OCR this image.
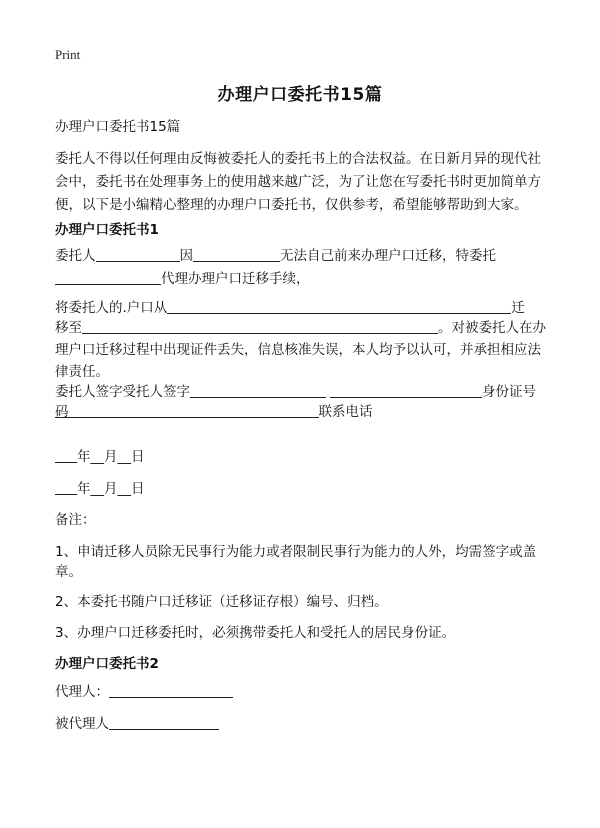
Print
办理户口委托书15篇
办理户口委托书15篇
委托人不得以任何理由反悔被委托人的委托书上的合法权益。在日新月异的现代社
会中，委托书在处理事务上的使用越来越广泛，为了让您在写委托书时更加简单方
便，以下是小编精心整理的办理户口委托书，仅供参考，希望能够帮助到大家。
办理户口委托书1
委托人	因	无法自己前来办理户口迁移，特委托
代理办理户口迁移手续，
将委托人的.户口从	迁
移至	。对被委托人在办
理户口迁移过程中出现证件丢失，信息核准失误，本人均予以认可，并承担相应法
律责任。
委托人签字受托人签字	身份证号
码	联系电话
年__月__日
年__月__日
备注：
1、申请迁移人员除无民事行为能力或者限制民事行为能力的人外，均需签字或盖
章。
2、本委托书随户口迁移证（迁移证存根）编号、归档。
3、办理户口迁移委托时，必须携带委托人和受托人的居民身份证。
办理户口委托书2
代理人：
被代理人
